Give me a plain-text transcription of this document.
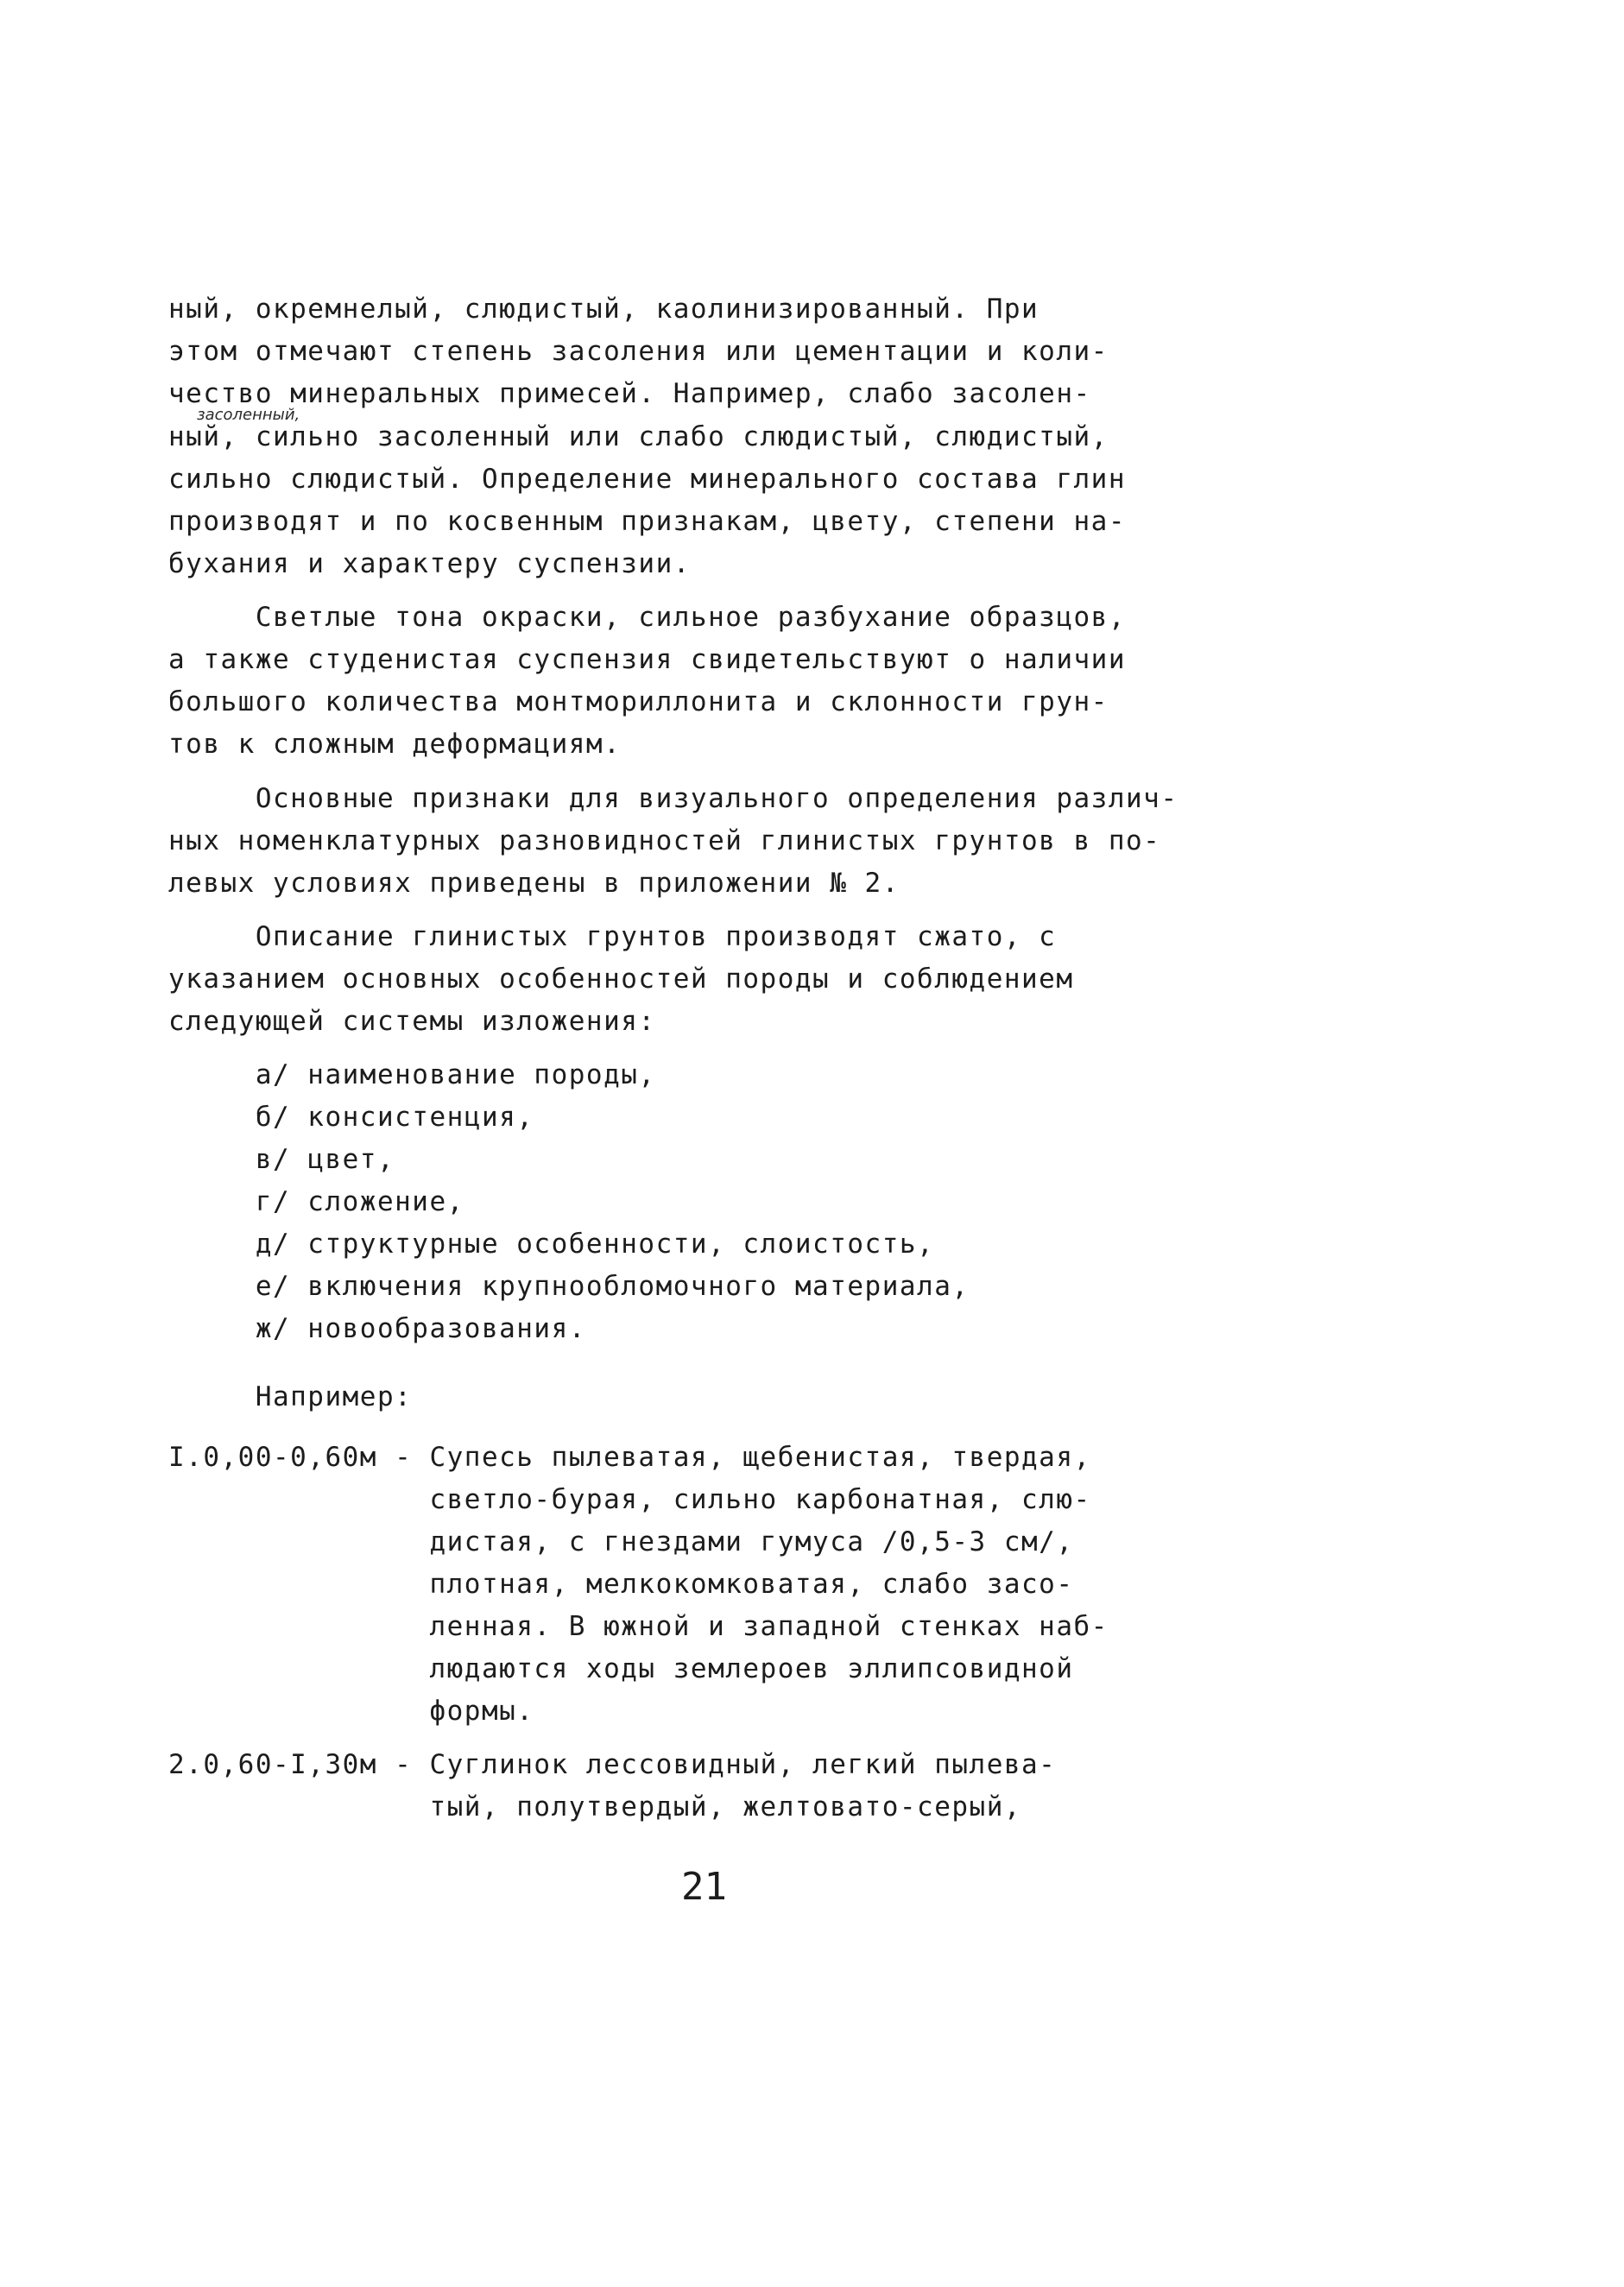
ный, окремнелый, слюдистый, каолинизированный. При

этом отмечают степень засоления или цементации и коли-

чество минеральных примесей. Например, слабо засолен-

засоленный,

ный, сильно засоленный или слабо слюдистый, слюдистый,

сильно слюдистый. Определение минерального состава глин

производят и по косвенным признакам, цвету, степени на-

бухания и характеру суспензии.

Светлые тона окраски, сильное разбухание образцов,

а также студенистая суспензия свидетельствуют о наличии

большого количества монтмориллонита и склонности грун-

тов к сложным деформациям.

Основные признаки для визуального определения различ-

ных номенклатурных разновидностей глинистых грунтов в по-

левых условиях приведены в приложении № 2.

Описание глинистых грунтов производят сжато, с

указанием основных особенностей породы и соблюдением

следующей системы изложения:

а/ наименование породы,

б/ консистенция,

в/ цвет,

г/ сложение,

д/ структурные особенности, слоистость,

е/ включения крупнообломочного материала,

ж/ новообразования.

Например:

I.0,00-0,60м - Супесь пылеватая, щебенистая, твердая,

светло-бурая, сильно карбонатная, слю-

дистая, с гнездами гумуса /0,5-3 см/,

плотная, мелкокомковатая, слабо засо-

ленная. В южной и западной стенках наб-

людаются ходы землероев эллипсовидной

формы.

2.0,60-I,30м - Суглинок лессовидный, легкий пылева-

тый, полутвердый, желтовато-серый,

21
